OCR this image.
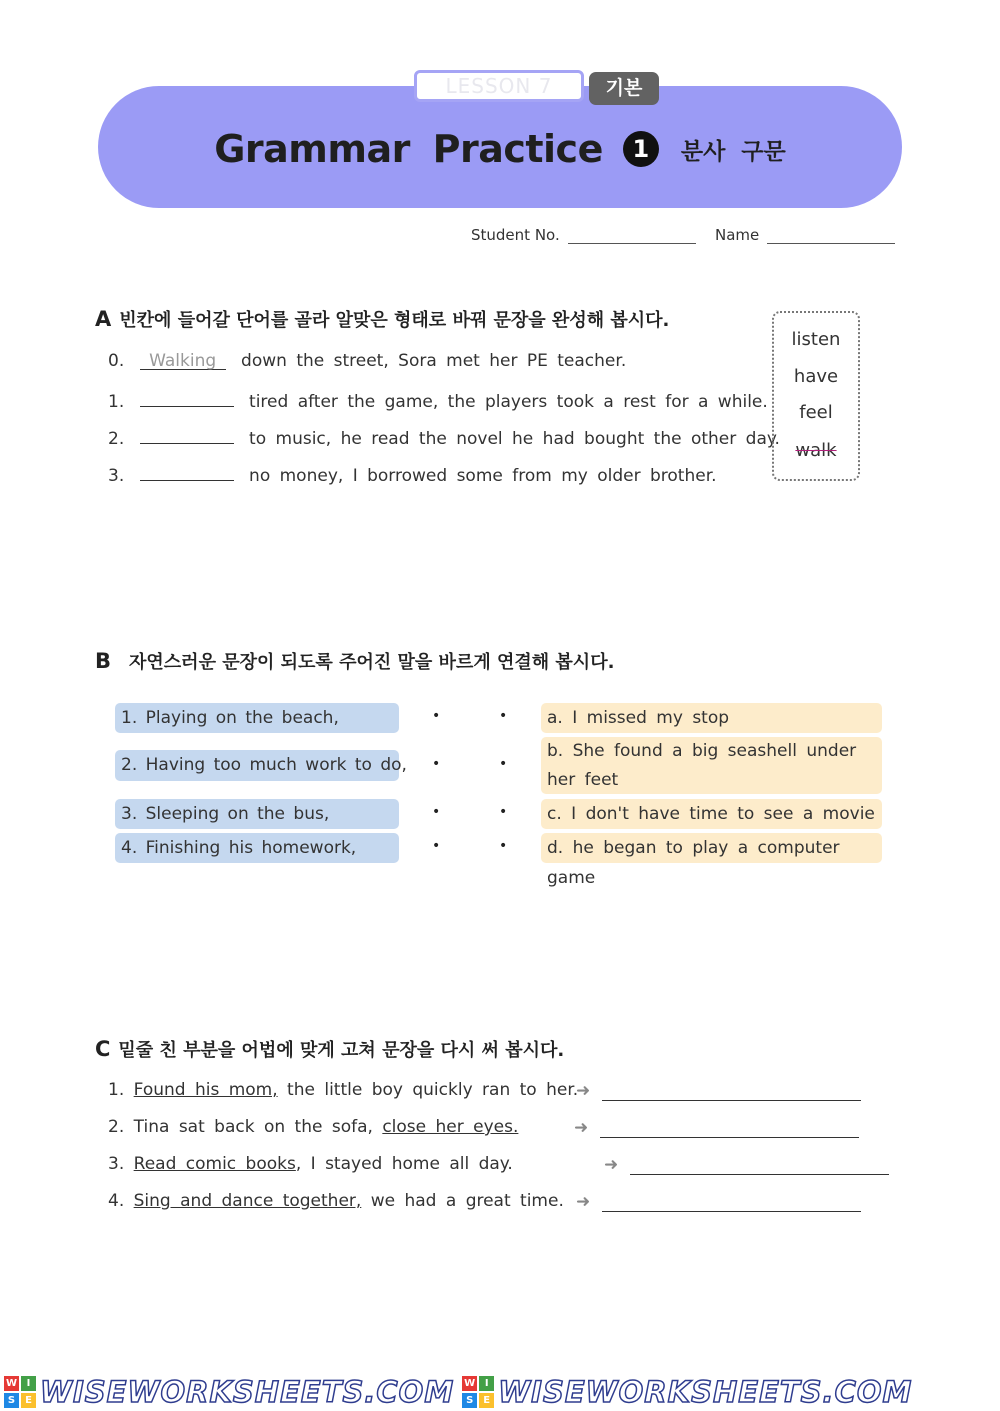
LESSON 7	기본
Grammar Practice	1	분사 구문
Student No.	Name
A 빈칸에 들어갈 단어를 골라 알맞은 형태로 바꿔 문장을 완성해 봅시다.
0. Walking down the street, Sora met her PE teacher.
1.	tired after the game, the players took a rest for a while.
2.	to music, he read the novel he had bought the other day.
3.	no money, I borrowed some from my older brother.
listen
have
feel
walk
B 자연스러운 문장이 되도록 주어진 말을 바르게 연결해 봅시다.
1. Playing on the beach,
2. Having too much work to do,
3. Sleeping on the bus,
4. Finishing his homework,
•
•
•
•
•
•
•
•
a. I missed my stop
b. She found a big seashell under her feet
c. I don't have time to see a movie
d. he began to play a computer game
C 밑줄 친 부분을 어법에 맞게 고쳐 문장을 다시 써 봅시다.
1. Found his mom, the little boy quickly ran to her.
➜
2. Tina sat back on the sofa, close her eyes.	➜
3. Read comic books, I stayed home all day.	➜
4. Sing and dance together, we had a great time. ➜
W I
S E WISEWORKSHEETS.COM W I
S E WISEWORKSHEETS.COM
